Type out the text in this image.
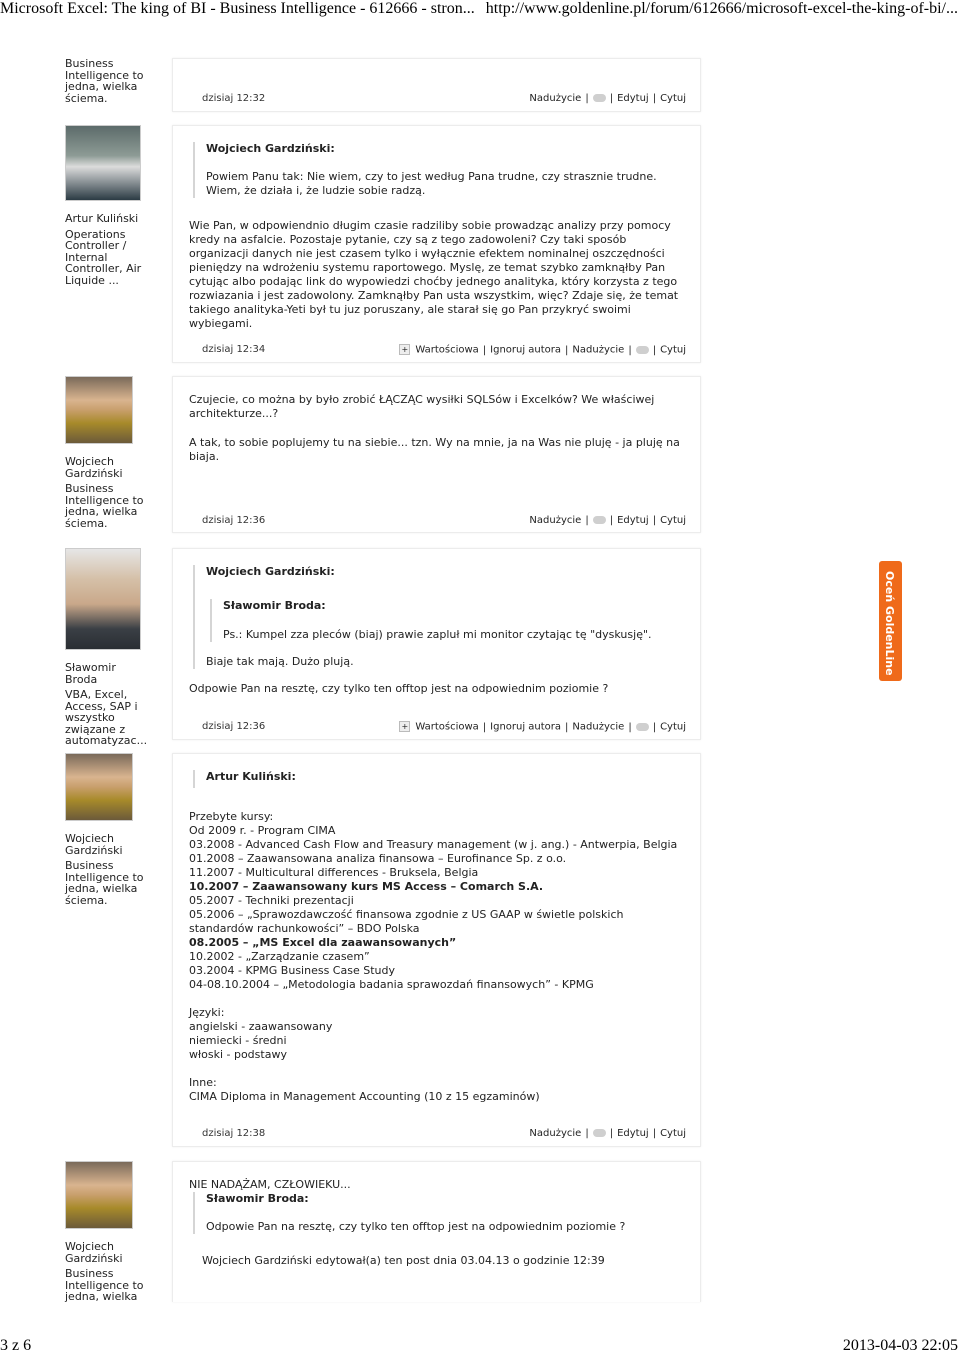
Microsoft Excel: The king of BI - Business Intelligence - 612666 - stron... http://www.goldenline.pl/forum/612666/microsoft-excel-the-king-of-bi/...
Business Intelligence to jedna, wielka ściema.	dzisiaj 12:32	Nadużycie | | Edytuj | Cytuj
Artur Kuliński
Operations Controller / Internal Controller, Air Liquide ...

Wojciech Gardziński:

Powiem Panu tak: Nie wiem, czy to jest według Pana trudne, czy strasznie trudne. Wiem, że działa i, że ludzie sobie radzą.

Wie Pan, w odpowiendnio długim czasie radziliby sobie prowadząc analizy przy pomocy kredy na asfalcie. Pozostaje pytanie, czy są z tego zadowoleni? Czy taki sposób organizacji danych nie jest czasem tylko i wyłącznie efektem nominalnej oszczędności pieniędzy na wdrożeniu systemu raportowego. Myslę, ze temat szybko zamknąłby Pan cytując albo podając link do wypowiedzi choćby jednego analityka, który korzysta z tego rozwiazania i jest zadowolony. Zamknąłby Pan usta wszystkim, więc? Zdaje się, że temat takiego analityka-Yeti był tu juz poruszany, ale starał się go Pan przykryć swoimi wybiegami.

dzisiaj 12:34	+ Wartościowa | Ignoruj autora | Nadużycie | | Cytuj
Wojciech Gardziński
Business Intelligence to jedna, wielka ściema.

Czujecie, co można by było zrobić ŁĄCZĄC wysiłki SQLSów i Excelków? We właściwej architekturze...?

A tak, to sobie poplujemy tu na siebie... tzn. Wy na mnie, ja na Was nie pluję - ja pluję na biaja.

dzisiaj 12:36	Nadużycie | | Edytuj | Cytuj
Sławomir Broda
VBA, Excel, Access, SAP i wszystko związane z automatyzac...

Wojciech Gardziński:

Sławomir Broda:

Ps.: Kumpel zza pleców (biaj) prawie zapluł mi monitor czytając tę "dyskusję".

Biaje tak mają. Dużo plują.

Odpowie Pan na resztę, czy tylko ten offtop jest na odpowiednim poziomie ?

dzisiaj 12:36	+ Wartościowa | Ignoruj autora | Nadużycie | | Cytuj
Wojciech Gardziński
Business Intelligence to jedna, wielka ściema.

Artur Kuliński:

Przebyte kursy:

Od 2009 r. - Program CIMA

03.2008 - Advanced Cash Flow and Treasury management (w j. ang.) - Antwerpia, Belgia

01.2008 – Zaawansowana analiza finansowa – Eurofinance Sp. z o.o.

11.2007 - Multicultural differences - Bruksela, Belgia

10.2007 – Zaawansowany kurs MS Access – Comarch S.A.

05.2007 - Techniki prezentacji

05.2006 – „Sprawozdawczość finansowa zgodnie z US GAAP w świetle polskich standardów rachunkowości” – BDO Polska

08.2005 – „MS Excel dla zaawansowanych”

10.2002 - „Zarządzanie czasem”

03.2004 - KPMG Business Case Study

04-08.10.2004 – „Metodologia badania sprawozdań finansowych” - KPMG

Języki:

angielski - zaawansowany

niemiecki - średni

włoski - podstawy

Inne:

CIMA Diploma in Management Accounting (10 z 15 egzaminów)

dzisiaj 12:38	Nadużycie | | Edytuj | Cytuj
Wojciech Gardziński
Business Intelligence to jedna, wielka

NIE NADĄŻAM, CZŁOWIEKU...

Sławomir Broda:

Odpowie Pan na resztę, czy tylko ten offtop jest na odpowiednim poziomie ?

Wojciech Gardziński edytował(a) ten post dnia 03.04.13 o godzinie 12:39

Oceń GoldenLine
3 z 6	2013-04-03 22:05
